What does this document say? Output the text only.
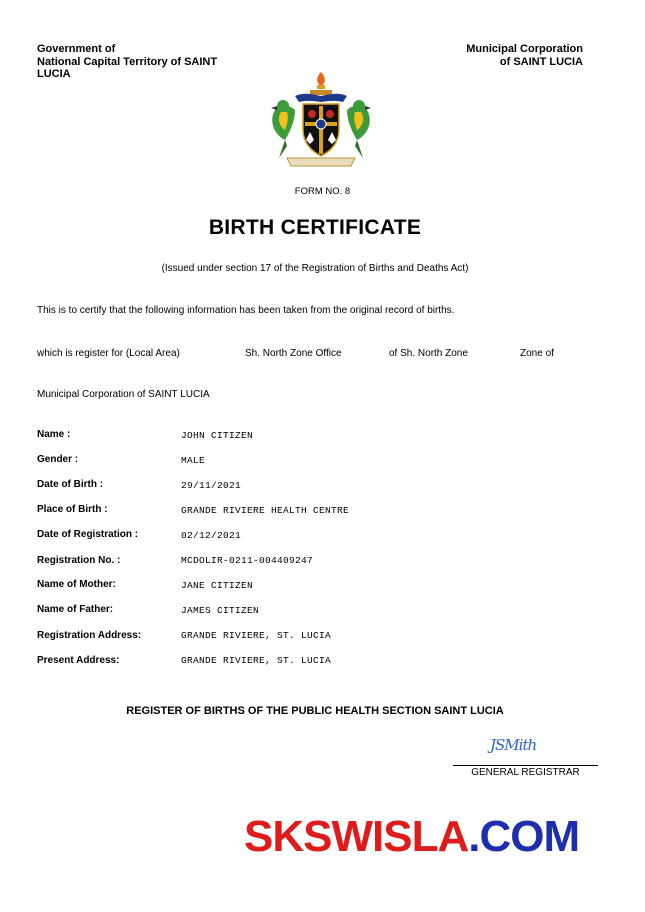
Government of
National Capital Territory of SAINT
LUCIA
Municipal Corporation
of SAINT LUCIA
FORM NO. 8
BIRTH CERTIFICATE
(Issued under section 17 of the Registration of Births and Deaths Act)
This is to certify that the following information has been taken from the original record of births.
which is register for (Local Area)	Sh. North Zone Office	of Sh. North Zone	Zone of
Municipal Corporation of SAINT LUCIA
Name :	JOHN CITIZEN
Gender :	MALE
Date of Birth :	29/11/2021
Place of Birth :	GRANDE RIVIERE HEALTH CENTRE
Date of Registration :	02/12/2021
Registration No. :	MCDOLIR-0211-004409247
Name of Mother:	JANE CITIZEN
Name of Father:	JAMES CITIZEN
Registration Address:	GRANDE RIVIERE, ST. LUCIA
Present Address:	GRANDE RIVIERE, ST. LUCIA
REGISTER OF BIRTHS OF THE PUBLIC HEALTH SECTION SAINT LUCIA
JSMith
GENERAL REGISTRAR
SKSWISLA.COM
